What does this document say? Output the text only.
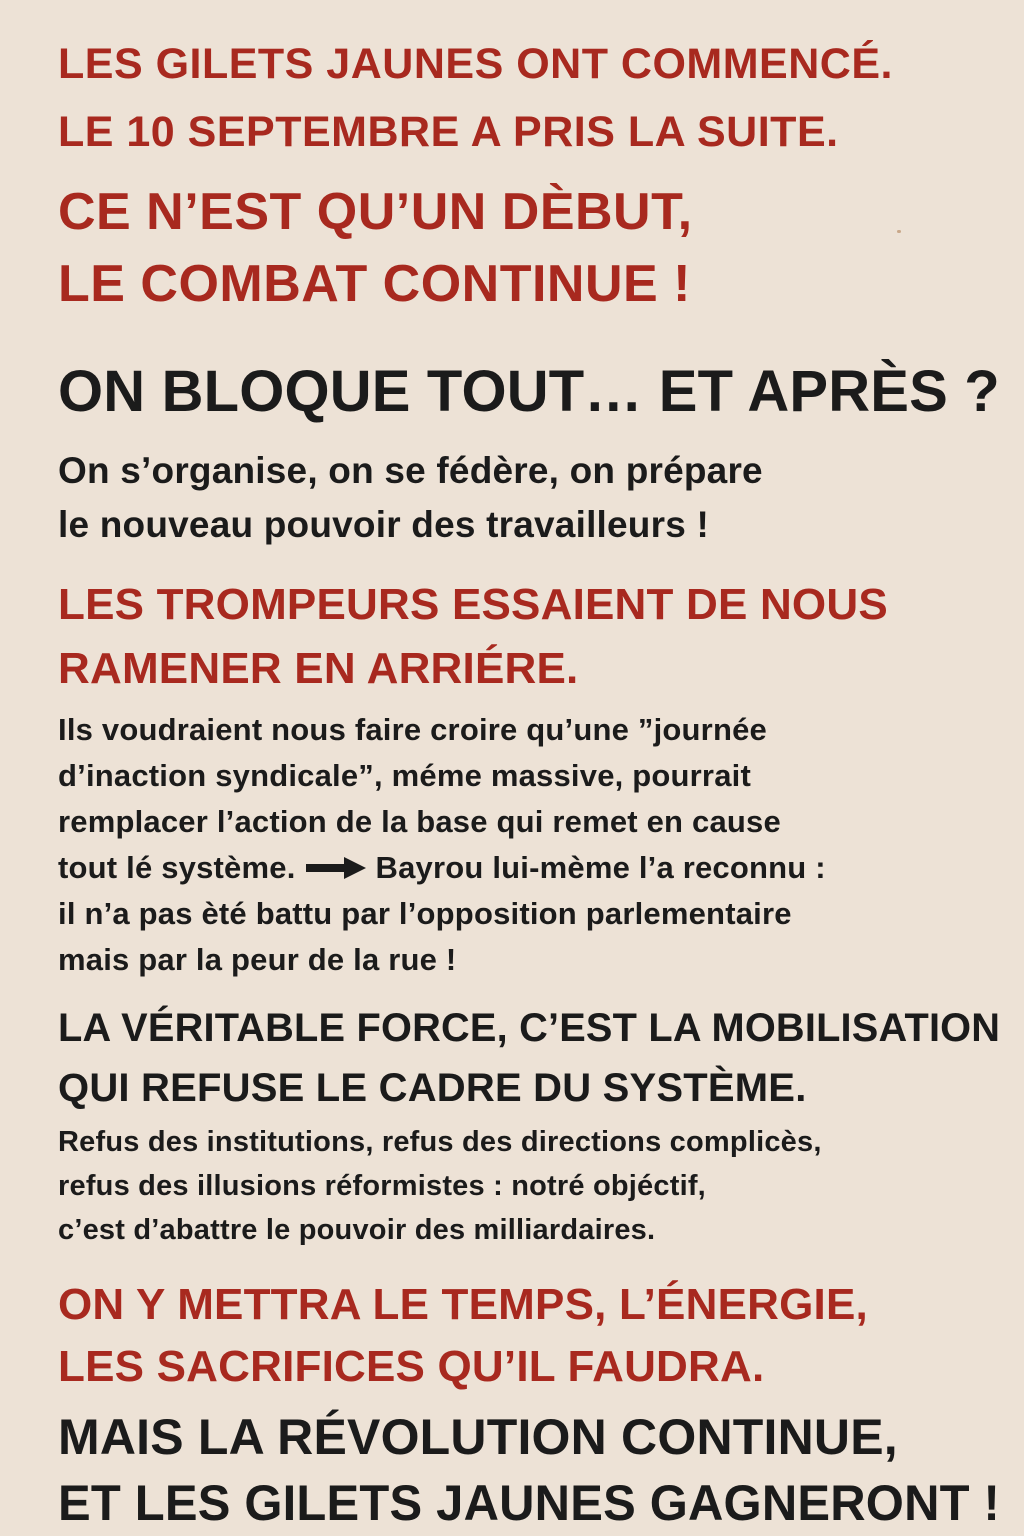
LES GILETS JAUNES ONT COMMENCÉ.

LE 10 SEPTEMBRE A PRIS LA SUITE.

CE N’EST QU’UN DÈBUT,

LE COMBAT CONTINUE !

ON BLOQUE TOUT… ET APRÈS ?

On s’organise, on se fédère, on prépare

le nouveau pouvoir des travailleurs !

LES TROMPEURS ESSAIENT DE NOUS

RAMENER EN ARRIÉRE.

Ils voudraient nous faire croire qu’une ”journée

d’inaction syndicale”, méme massive, pourrait

remplacer l’action de la base qui remet en cause

tout lé système.	Bayrou lui-mème l’a reconnu :

il n’a pas èté battu par l’opposition parlementaire

mais par la peur de la rue !

LA VÉRITABLE FORCE, C’EST LA MOBILISATION

QUI REFUSE LE CADRE DU SYSTÈME.

Refus des institutions, refus des directions complicès,

refus des illusions réformistes : notré objéctif,

c’est d’abattre le pouvoir des milliardaires.

ON Y METTRA LE TEMPS, L’ÉNERGIE,

LES SACRIFICES QU’IL FAUDRA.

MAIS LA RÉVOLUTION CONTINUE,

ET LES GILETS JAUNES GAGNERONT !
